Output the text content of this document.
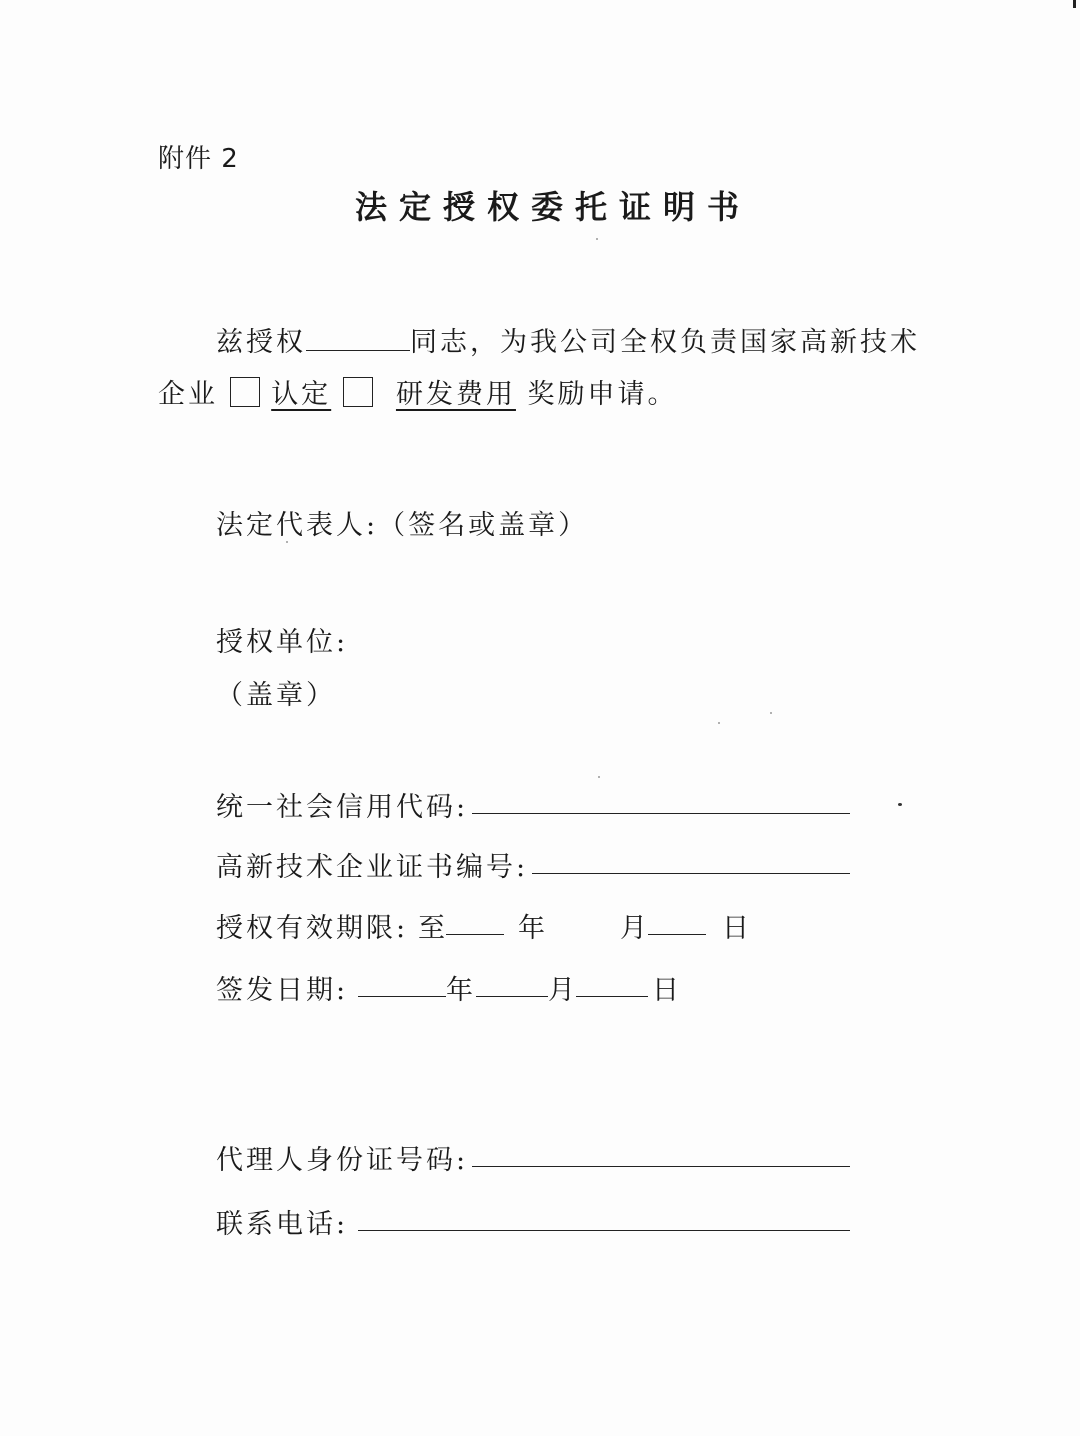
附件 2
法定授权委托证明书
兹授权	同志，为我公司全权负责国家高新技术
企业 认定 研发费用 奖励申请。
法定代表人:（签名或盖章）
授权单位:
（盖章）
统一社会信用代码:
高新技术企业证书编号:
授权有效期限: 至	年	月	日
签发日期:	年	月	日
代理人身份证号码:
联系电话:
